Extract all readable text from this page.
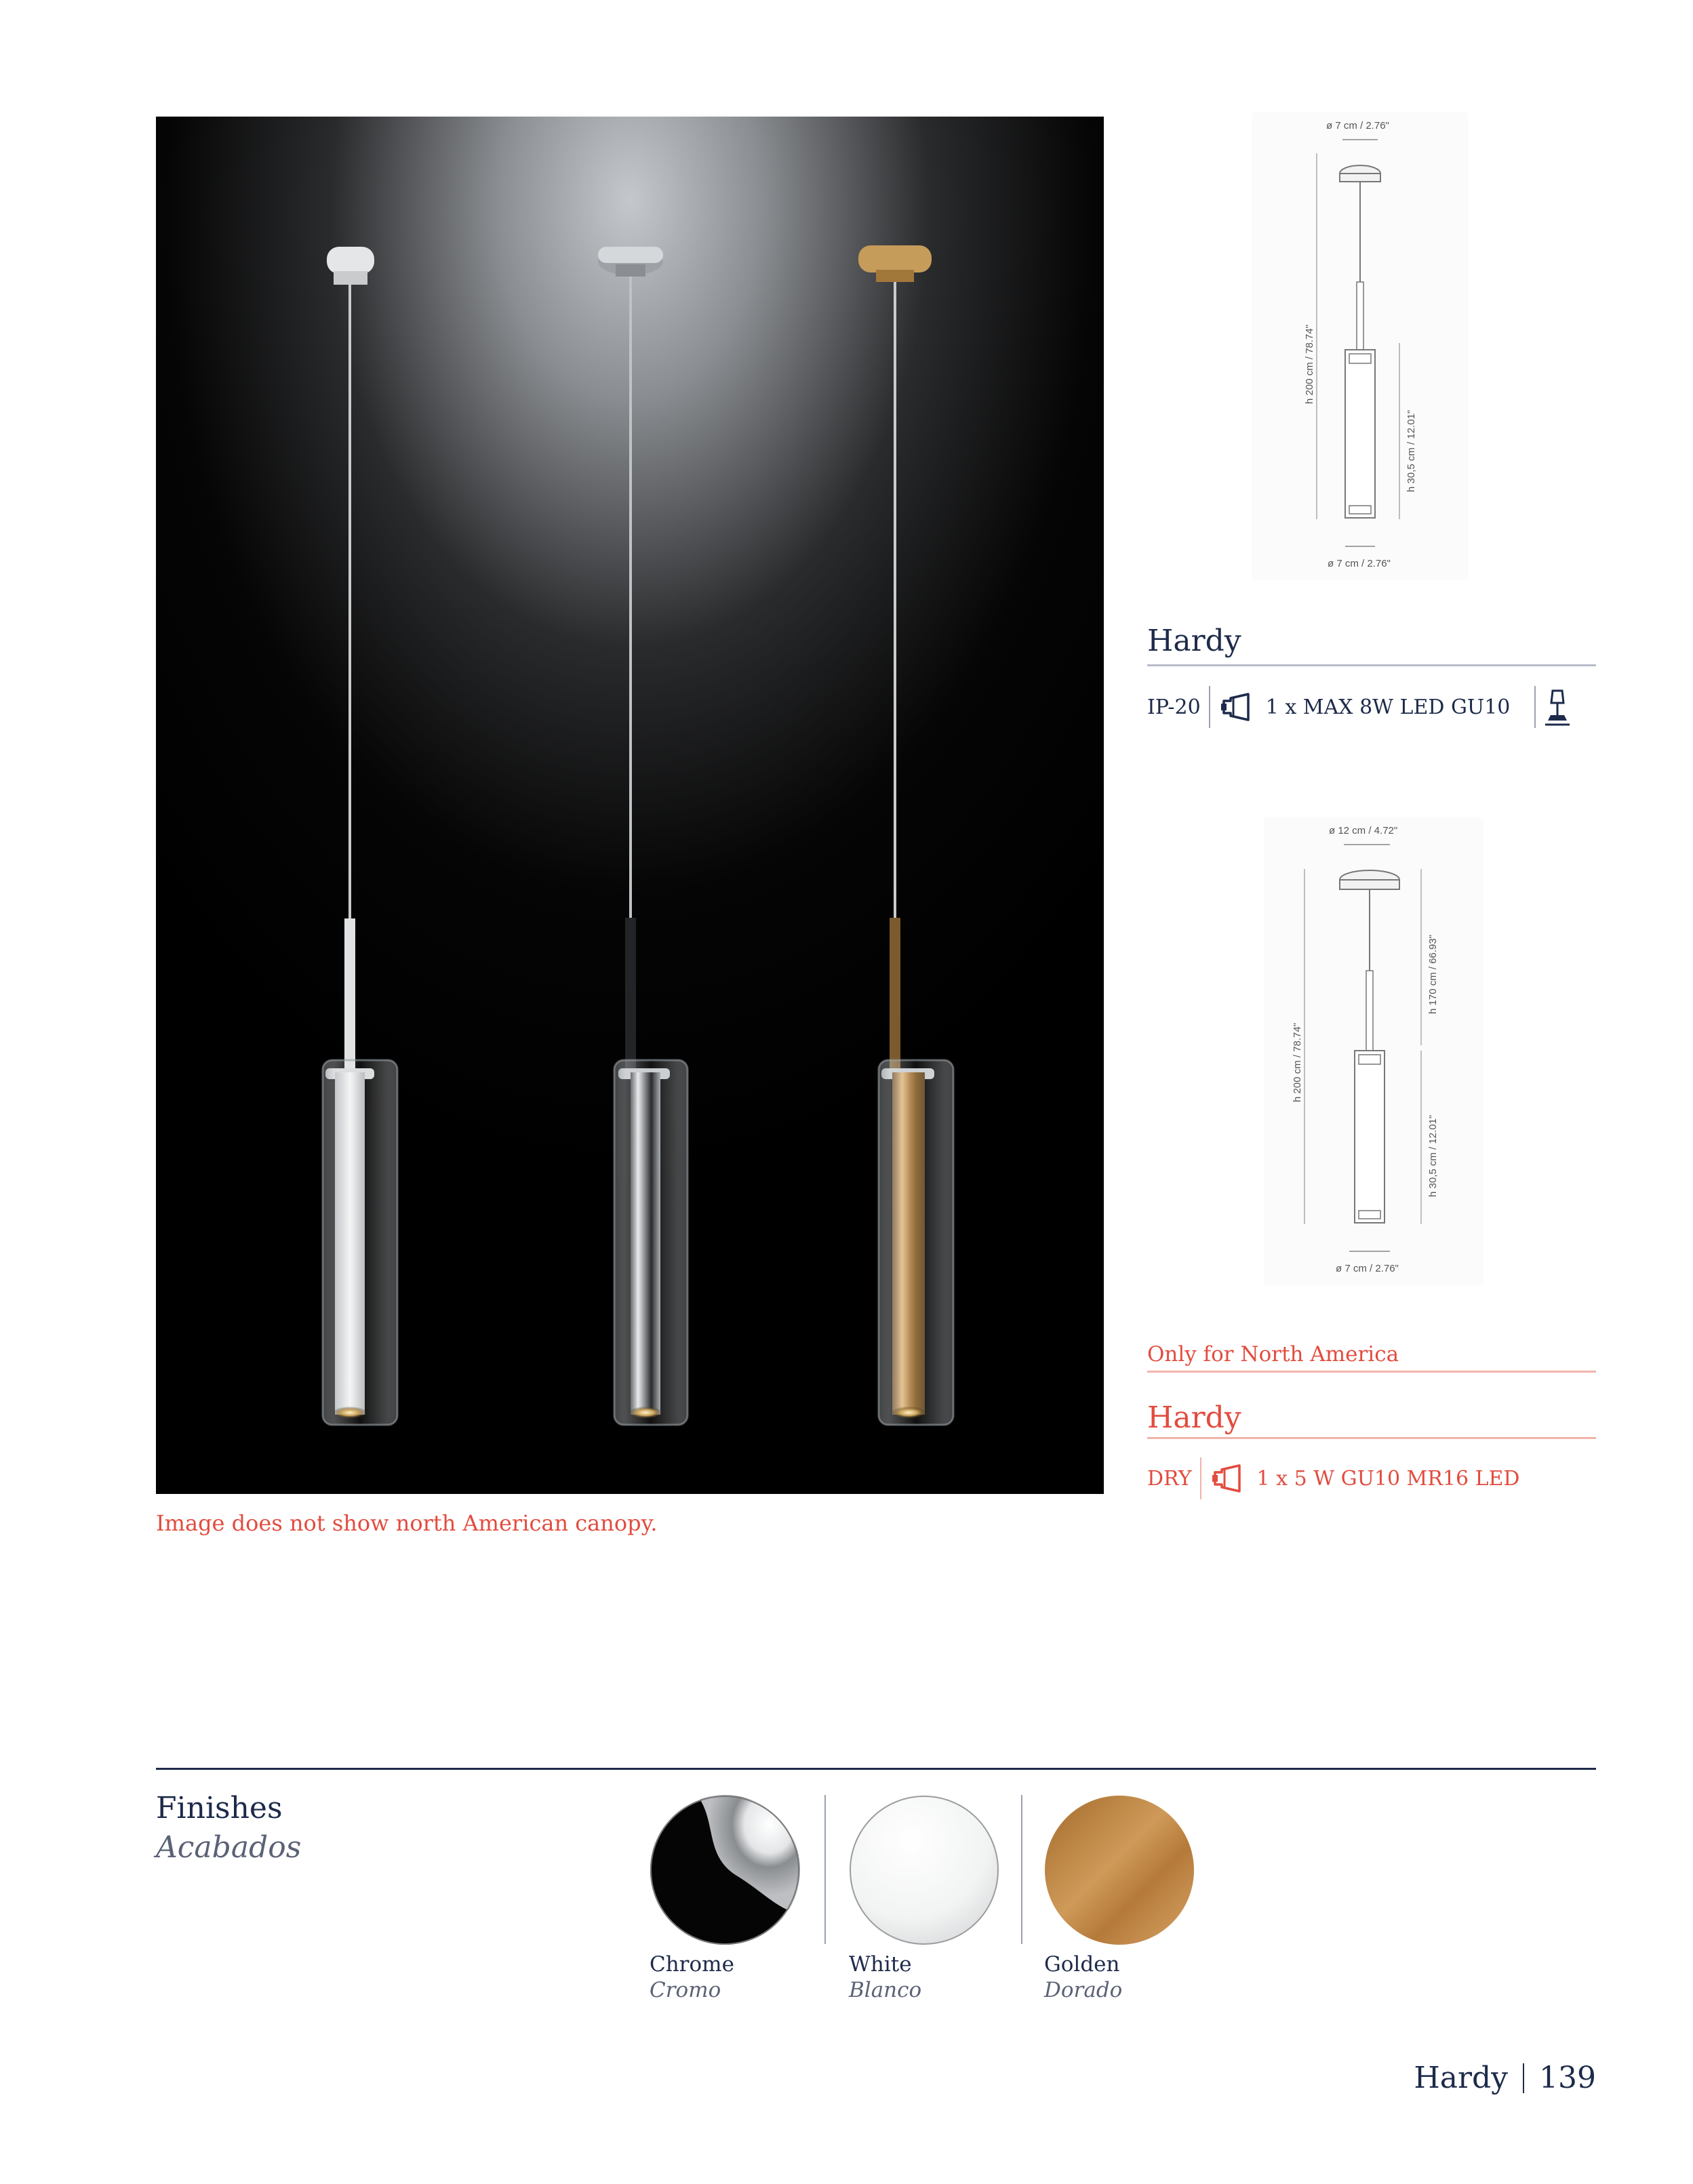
Image does not show north American canopy.
ø 7 cm / 2.76"
h 200 cm / 78.74"
h 30,5 cm / 12.01"
ø 7 cm / 2.76"
Hardy
IP-20	1 x MAX 8W LED GU10
ø 12 cm / 4.72"
h 200 cm / 78.74"
h 170 cm / 66.93"
h 30,5 cm / 12.01"
ø 7 cm / 2.76"
Only for North America
Hardy
DRY	1 x 5 W GU10 MR16 LED
Finishes
Acabados
Chrome
Cromo
White
Blanco
Golden
Dorado
Hardy 139
